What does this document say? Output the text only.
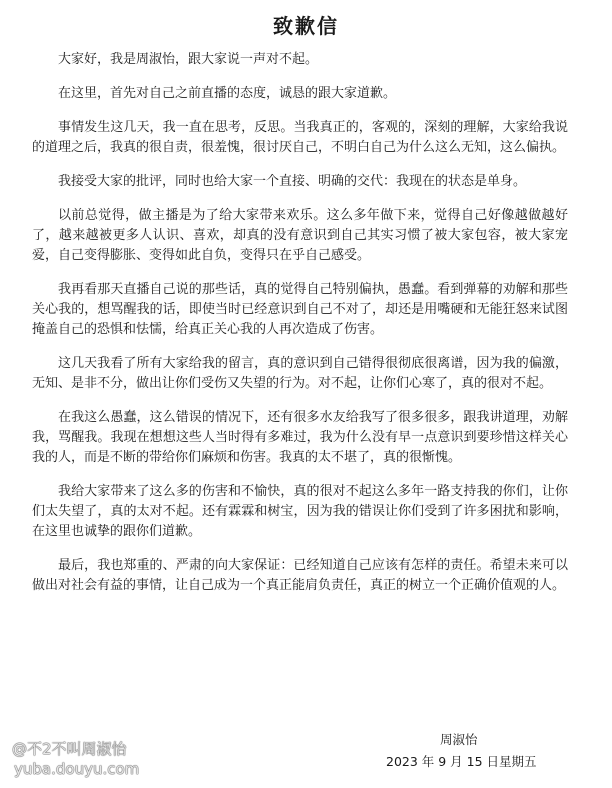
致歉信

大家好，我是周淑怡，跟大家说一声对不起。

在这里，首先对自己之前直播的态度，诚恳的跟大家道歉。

事情发生这几天，我一直在思考，反思。当我真正的，客观的，深刻的理解，大家给我说的道理之后，我真的很自责，很羞愧，很讨厌自己，不明白自己为什么这么无知，这么偏执。

我接受大家的批评，同时也给大家一个直接、明确的交代：我现在的状态是单身。

以前总觉得，做主播是为了给大家带来欢乐。这么多年做下来，觉得自己好像越做越好了，越来越被更多人认识、喜欢，却真的没有意识到自己其实习惯了被大家包容，被大家宠爱，自己变得膨胀、变得如此自负，变得只在乎自己感受。

我再看那天直播自己说的那些话，真的觉得自己特别偏执，愚蠢。看到弹幕的劝解和那些关心我的，想骂醒我的话，即使当时已经意识到自己不对了，却还是用嘴硬和无能狂怒来试图掩盖自己的恐惧和怯懦，给真正关心我的人再次造成了伤害。

这几天我看了所有大家给我的留言，真的意识到自己错得很彻底很离谱，因为我的偏激，无知、是非不分，做出让你们受伤又失望的行为。对不起，让你们心寒了，真的很对不起。

在我这么愚蠢，这么错误的情况下，还有很多水友给我写了很多很多，跟我讲道理，劝解我，骂醒我。我现在想想这些人当时得有多难过，我为什么没有早一点意识到要珍惜这样关心我的人，而是不断的带给你们麻烦和伤害。我真的太不堪了，真的很惭愧。

我给大家带来了这么多的伤害和不愉快，真的很对不起这么多年一路支持我的你们，让你们太失望了，真的太对不起。还有霖霖和树宝，因为我的错误让你们受到了许多困扰和影响，在这里也诚挚的跟你们道歉。

最后，我也郑重的、严肃的向大家保证：已经知道自己应该有怎样的责任。希望未来可以做出对社会有益的事情，让自己成为一个真正能肩负责任，真正的树立一个正确价值观的人。

周淑怡
2023 年 9 月 15 日星期五
@不2不叫周淑怡
yuba.douyu.com
